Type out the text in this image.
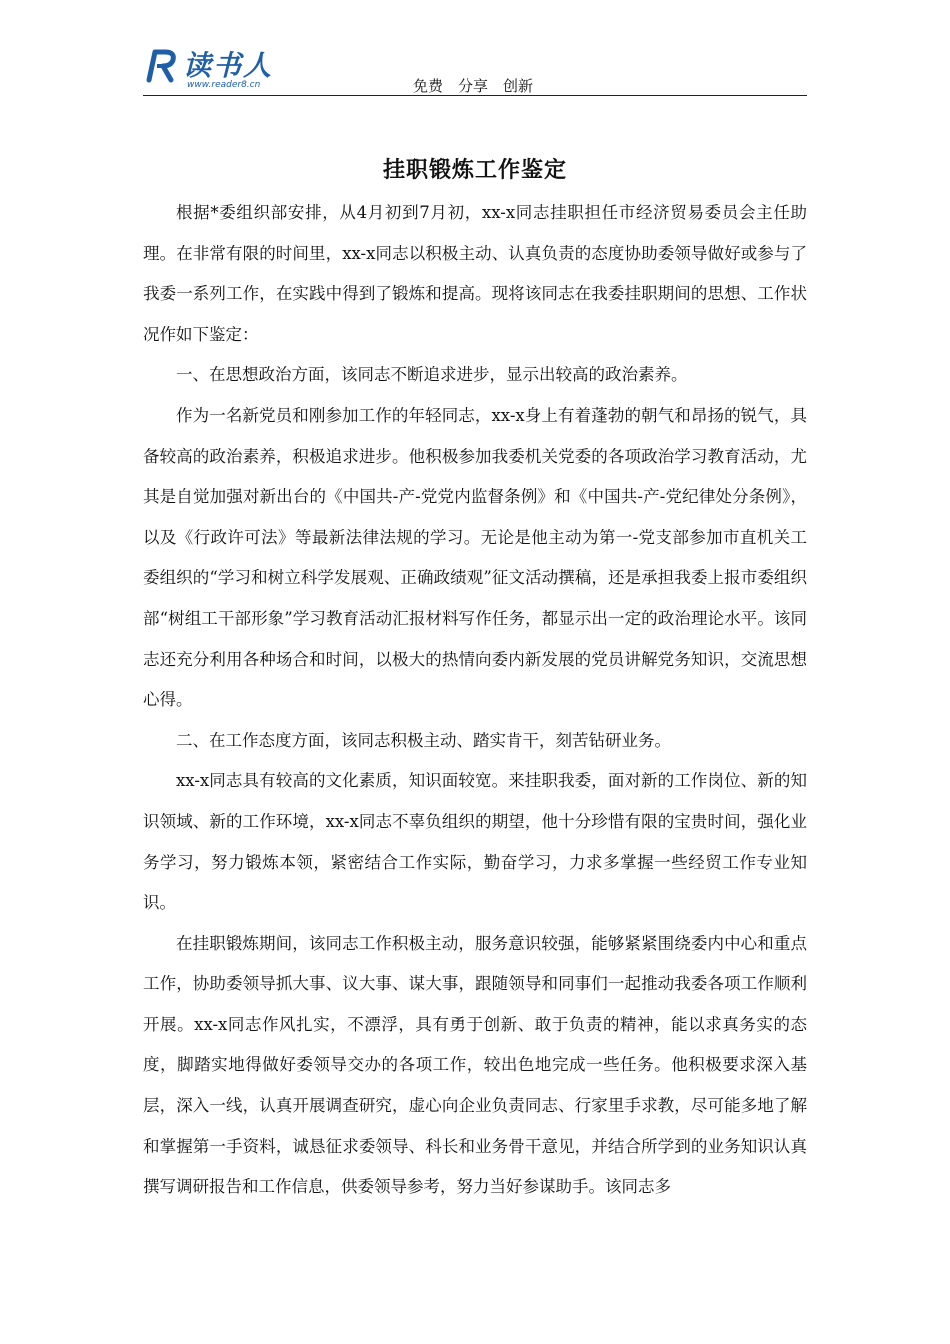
读书人
www.reader8.cn	免费　分享　创新
挂职锻炼工作鉴定

根据*委组织部安排，从4月初到7月初，xx-x同志挂职担任市经济贸易委员会主任助理。在非常有限的时间里，xx-x同志以积极主动、认真负责的态度协助委领导做好或参与了我委一系列工作，在实践中得到了锻炼和提高。现将该同志在我委挂职期间的思想、工作状况作如下鉴定：

一、在思想政治方面，该同志不断追求进步，显示出较高的政治素养。

作为一名新党员和刚参加工作的年轻同志，xx-x身上有着蓬勃的朝气和昂扬的锐气，具备较高的政治素养，积极追求进步。他积极参加我委机关党委的各项政治学习教育活动，尤其是自觉加强对新出台的《中国共-产-党党内监督条例》和《中国共-产-党纪律处分条例》，以及《行政许可法》等最新法律法规的学习。无论是他主动为第一-党支部参加市直机关工委组织的“学习和树立科学发展观、正确政绩观”征文活动撰稿，还是承担我委上报市委组织部“树组工干部形象”学习教育活动汇报材料写作任务，都显示出一定的政治理论水平。该同志还充分利用各种场合和时间，以极大的热情向委内新发展的党员讲解党务知识，交流思想心得。

二、在工作态度方面，该同志积极主动、踏实肯干，刻苦钻研业务。

xx-x同志具有较高的文化素质，知识面较宽。来挂职我委，面对新的工作岗位、新的知识领域、新的工作环境，xx-x同志不辜负组织的期望，他十分珍惜有限的宝贵时间，强化业务学习，努力锻炼本领，紧密结合工作实际，勤奋学习，力求多掌握一些经贸工作专业知识。

在挂职锻炼期间，该同志工作积极主动，服务意识较强，能够紧紧围绕委内中心和重点工作，协助委领导抓大事、议大事、谋大事，跟随领导和同事们一起推动我委各项工作顺利开展。xx-x同志作风扎实，不漂浮，具有勇于创新、敢于负责的精神，能以求真务实的态度，脚踏实地得做好委领导交办的各项工作，较出色地完成一些任务。他积极要求深入基层，深入一线，认真开展调查研究，虚心向企业负责同志、行家里手求教，尽可能多地了解和掌握第一手资料，诚恳征求委领导、科长和业务骨干意见，并结合所学到的业务知识认真撰写调研报告和工作信息，供委领导参考，努力当好参谋助手。该同志多
